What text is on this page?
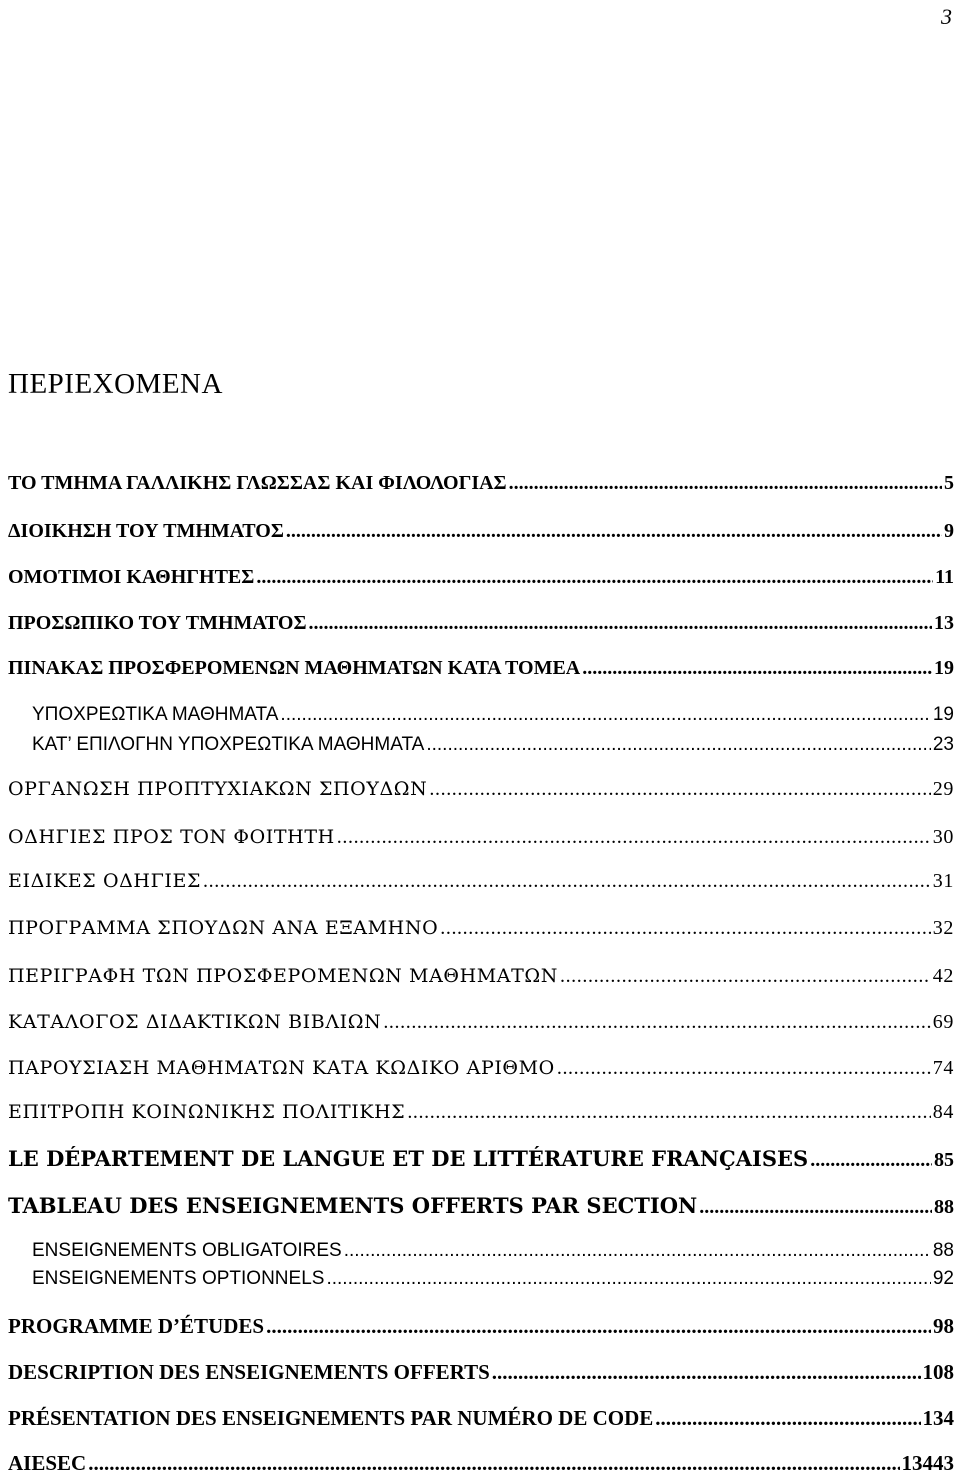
3
ΠΕΡΙΕΧΟΜΕΝΑ
ΤΟ ΤΜΗΜΑ ΓΑΛΛΙΚΗΣ ΓΛΩΣΣΑΣ ΚΑΙ ΦΙΛΟΛΟΓΙΑΣ .....	5
ΔΙΟΙΚΗΣΗ ΤΟΥ ΤΜΗΜΑΤΟΣ .....	9
ΟΜΟΤΙΜΟΙ ΚΑΘΗΓΗΤΕΣ .....	11
ΠΡΟΣΩΠΙΚΟ ΤΟΥ ΤΜΗΜΑΤΟΣ .....	13
ΠΙΝΑΚΑΣ ΠΡΟΣΦΕΡΟΜΕΝΩΝ ΜΑΘΗΜΑΤΩΝ ΚΑΤΑ ΤΟΜΕΑ .....	19
ΥΠΟΧΡΕΩΤΙΚΑ ΜΑΘΗΜΑΤΑ .....	19
ΚΑΤ’ ΕΠΙΛΟΓΗΝ ΥΠΟΧΡΕΩΤΙΚΑ ΜΑΘΗΜΑΤΑ .....	23
ΟΡΓΑΝΩΣΗ ΠΡΟΠΤΥΧΙΑΚΩΝ ΣΠΟΥΔΩΝ .....	29
ΟΔΗΓΙΕΣ ΠΡΟΣ ΤΟΝ ΦΟΙΤΗΤΗ .....	30
ΕΙΔΙΚΕΣ ΟΔΗΓΙΕΣ .....	31
ΠΡΟΓΡΑΜΜΑ ΣΠΟΥΔΩΝ ΑΝΑ ΕΞΑΜΗΝΟ .....	32
ΠΕΡΙΓΡΑΦΗ ΤΩΝ ΠΡΟΣΦΕΡΟΜΕΝΩΝ ΜΑΘΗΜΑΤΩΝ .....	42
ΚΑΤΑΛΟΓΟΣ ΔΙΔΑΚΤΙΚΩΝ ΒΙΒΛΙΩΝ .....	69
ΠΑΡΟΥΣΙΑΣΗ ΜΑΘΗΜΑΤΩΝ ΚΑΤΑ ΚΩΔΙΚΟ ΑΡΙΘΜΟ .....	74
ΕΠΙΤΡΟΠΗ ΚΟΙΝΩΝΙΚΗΣ ΠΟΛΙΤΙΚΗΣ .....	84
LE DÉPARTEMENT DE LANGUE ET DE LITTÉRATURE FRANÇAISES .....	85
TABLEAU DES ENSEIGNEMENTS OFFERTS PAR SECTION .....	88
ENSEIGNEMENTS OBLIGATOIRES .....	88
ENSEIGNEMENTS OPTIONNELS .....	92
PROGRAMME D’ÉTUDES .....	98
DESCRIPTION DES ENSEIGNEMENTS OFFERTS .....	108
PRÉSENTATION DES ENSEIGNEMENTS PAR NUMÉRO DE CODE .....	134
AIESEC .....	13443
